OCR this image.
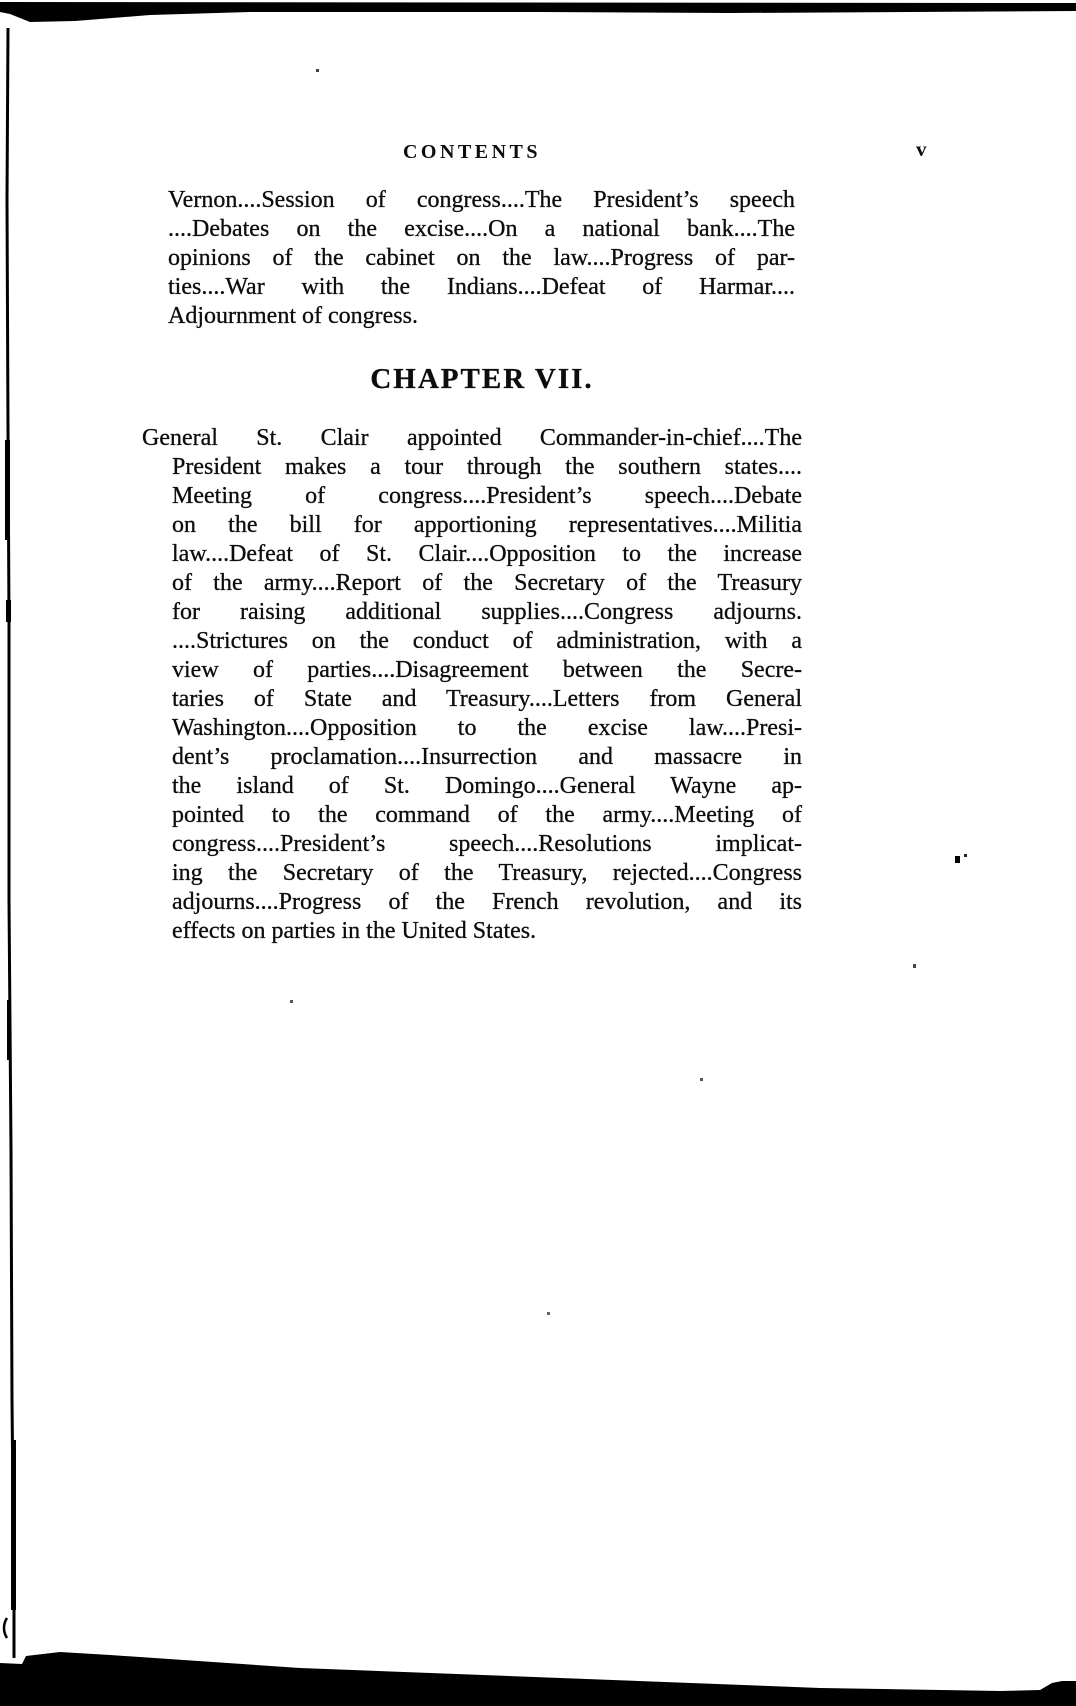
CONTENTS	v
Vernon....Session of congress....The President’s speech
....Debates on the excise....On a national bank....The
opinions of the cabinet on the law....Progress of par-
ties....War with the Indians....Defeat of Harmar....
Adjournment of congress.
CHAPTER VII.
General St. Clair appointed Commander-in-chief....The
President makes a tour through the southern states....
Meeting of congress....President’s speech....Debate
on the bill for apportioning representatives....Militia
law....Defeat of St. Clair....Opposition to the increase
of the army....Report of the Secretary of the Treasury
for raising additional supplies....Congress adjourns.
....Strictures on the conduct of administration, with a
view of parties....Disagreement between the Secre-
taries of State and Treasury....Letters from General
Washington....Opposition to the excise law....Presi-
dent’s proclamation....Insurrection and massacre in
the island of St. Domingo....General Wayne ap-
pointed to the command of the army....Meeting of
congress....President’s speech....Resolutions implicat-
ing the Secretary of the Treasury, rejected....Congress
adjourns....Progress of the French revolution, and its
effects on parties in the United States.
